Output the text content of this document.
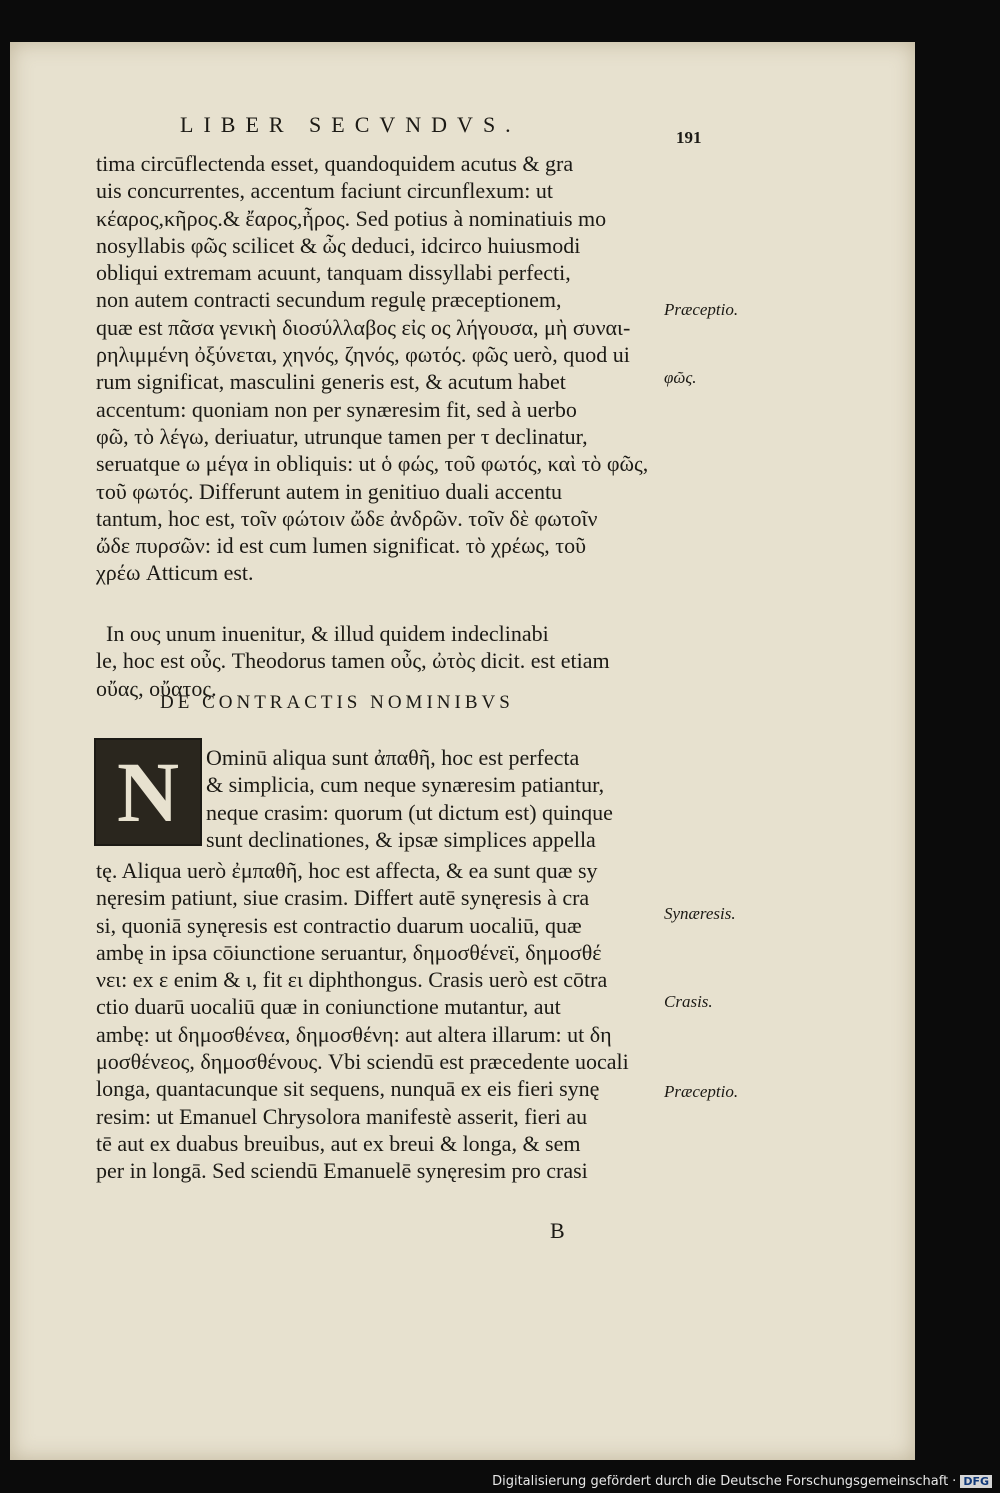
LIBER SECVNDVS.
191
tima circūflectenda esset, quandoquidem acutus & gra
uis concurrentes, accentum faciunt circunflexum: ut
κέαρος,κῆρος.& ἔαρος,ἦρος. Sed potius à nominatiuis mo
nosyllabis φῶς scilicet & ὦς deduci, idcirco huiusmodi
obliqui extremam acuunt, tanquam dissyllabi perfecti,
non autem contracti secundum regulę præceptionem,
quæ est πᾶσα γενικὴ διοσύλλαβος εἰς ος λήγουσα, μὴ συναι-
ρηλιμμένη ὀξύνεται, χηνός, ζηνός, φωτός. φῶς uerò, quod ui
rum significat, masculini generis est, & acutum habet
accentum: quoniam non per synæresim fit, sed à uerbo
φῶ, τὸ λέγω, deriuatur, utrunque tamen per τ declinatur,
seruatque ω μέγα in obliquis: ut ὁ φώς, τοῦ φωτός, καὶ τὸ φῶς,
τοῦ φωτός. Differunt autem in genitiuo duali accentu
tantum, hoc est, τοῖν φώτοιν ὤδε ἀνδρῶν. τοῖν δὲ φωτοῖν
ὤδε πυρσῶν: id est cum lumen significat. τὸ χρέως, τοῦ
χρέω Atticum est.
In ους unum inuenitur, & illud quidem indeclinabi
le, hoc est οὖς. Theodorus tamen οὖς, ὠτὸς dicit. est etiam
οὔας, οὔατος.
DE CONTRACTIS NOMINIBVS
N Ominū aliqua sunt ἀπαθῆ, hoc est perfecta
& simplicia, cum neque synæresim patiantur,
neque crasim: quorum (ut dictum est) quinque
sunt declinationes, & ipsæ simplices appella
tę. Aliqua uerò ἐμπαθῆ, hoc est affecta, & ea sunt quæ sy
nęresim patiunt, siue crasim. Differt autē synęresis à cra
si, quoniā synęresis est contractio duarum uocaliū, quæ
ambę in ipsa cōiunctione seruantur, δημοσθένεϊ, δημοσθέ
νει: ex ε enim & ι, fit ει diphthongus. Crasis uerò est cōtra
ctio duarū uocaliū quæ in coniunctione mutantur, aut
ambę: ut δημοσθένεα, δημοσθένη: aut altera illarum: ut δη
μοσθένεος, δημοσθένους. Vbi sciendū est præcedente uocali
longa, quantacunque sit sequens, nunquā ex eis fieri synę
resim: ut Emanuel Chrysolora manifestè asserit, fieri au
tē aut ex duabus breuibus, aut ex breui & longa, & sem
per in longā. Sed sciendū Emanuelē synęresim pro crasi
Præceptio.
φῶς.
Synæresis.
Crasis.
Præceptio.
B
Digitalisierung gefördert durch die Deutsche Forschungsgemeinschaft · DFG
